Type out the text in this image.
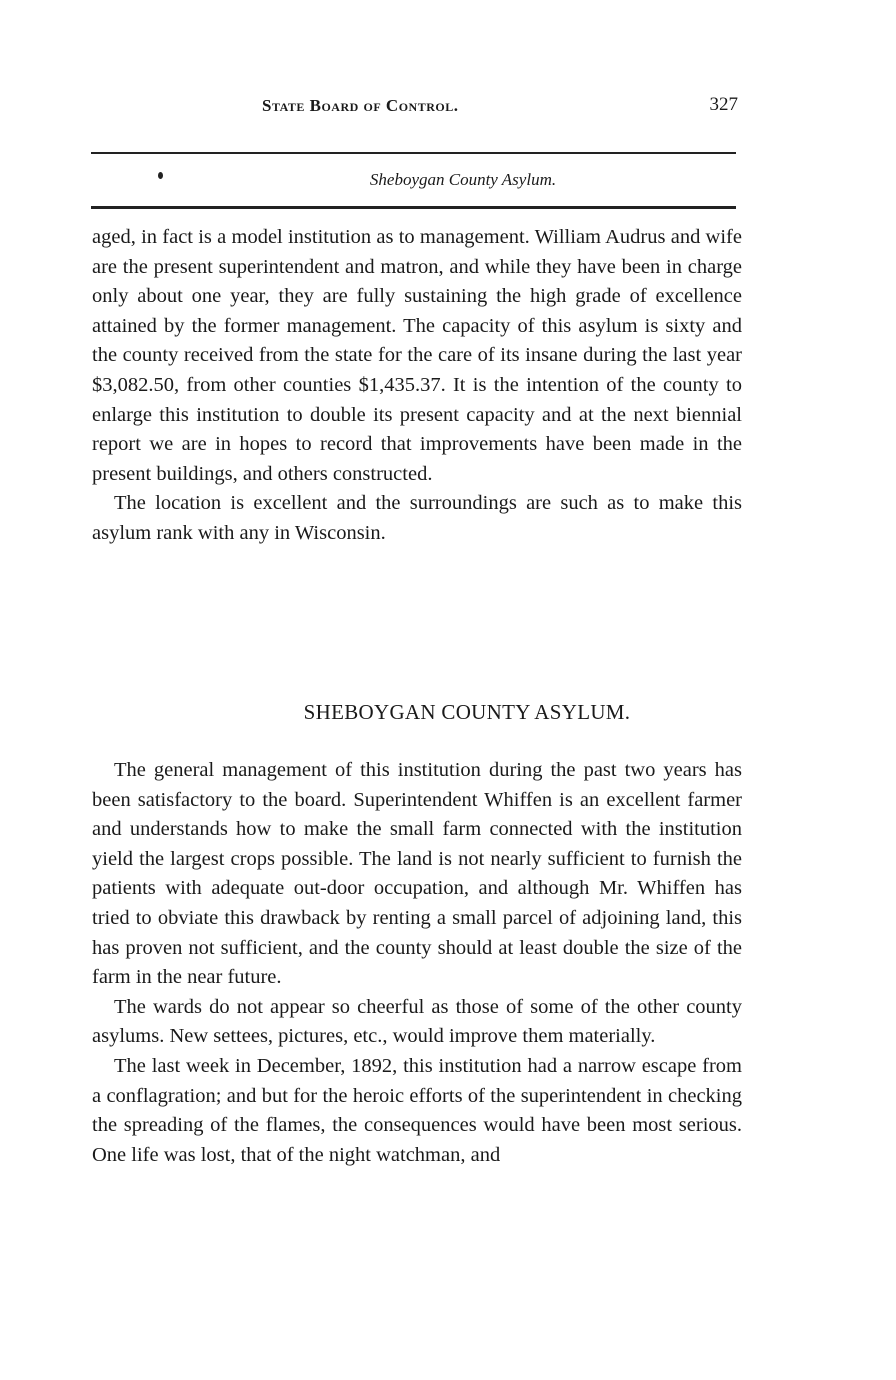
State Board of Control.	327
Sheboygan County Asylum.

aged, in fact is a model institution as to management. William Audrus and wife are the present superintendent and matron, and while they have been in charge only about one year, they are fully sustaining the high grade of excellence attained by the former management. The capacity of this asylum is sixty and the county received from the state for the care of its insane during the last year $3,082.50, from other counties $1,435.37. It is the intention of the county to enlarge this institution to double its present capacity and at the next biennial report we are in hopes to record that improvements have been made in the present buildings, and others constructed.

The location is excellent and the surroundings are such as to make this asylum rank with any in Wisconsin.

SHEBOYGAN COUNTY ASYLUM.

The general management of this institution during the past two years has been satisfactory to the board. Superintendent Whiffen is an excellent farmer and understands how to make the small farm connected with the institution yield the largest crops possible. The land is not nearly sufficient to furnish the patients with adequate out-door occupation, and although Mr. Whiffen has tried to obviate this drawback by renting a small parcel of adjoining land, this has proven not sufficient, and the county should at least double the size of the farm in the near future.

The wards do not appear so cheerful as those of some of the other county asylums. New settees, pictures, etc., would improve them materially.

The last week in December, 1892, this institution had a narrow escape from a conflagration; and but for the heroic efforts of the superintendent in checking the spreading of the flames, the consequences would have been most serious. One life was lost, that of the night watchman, and
